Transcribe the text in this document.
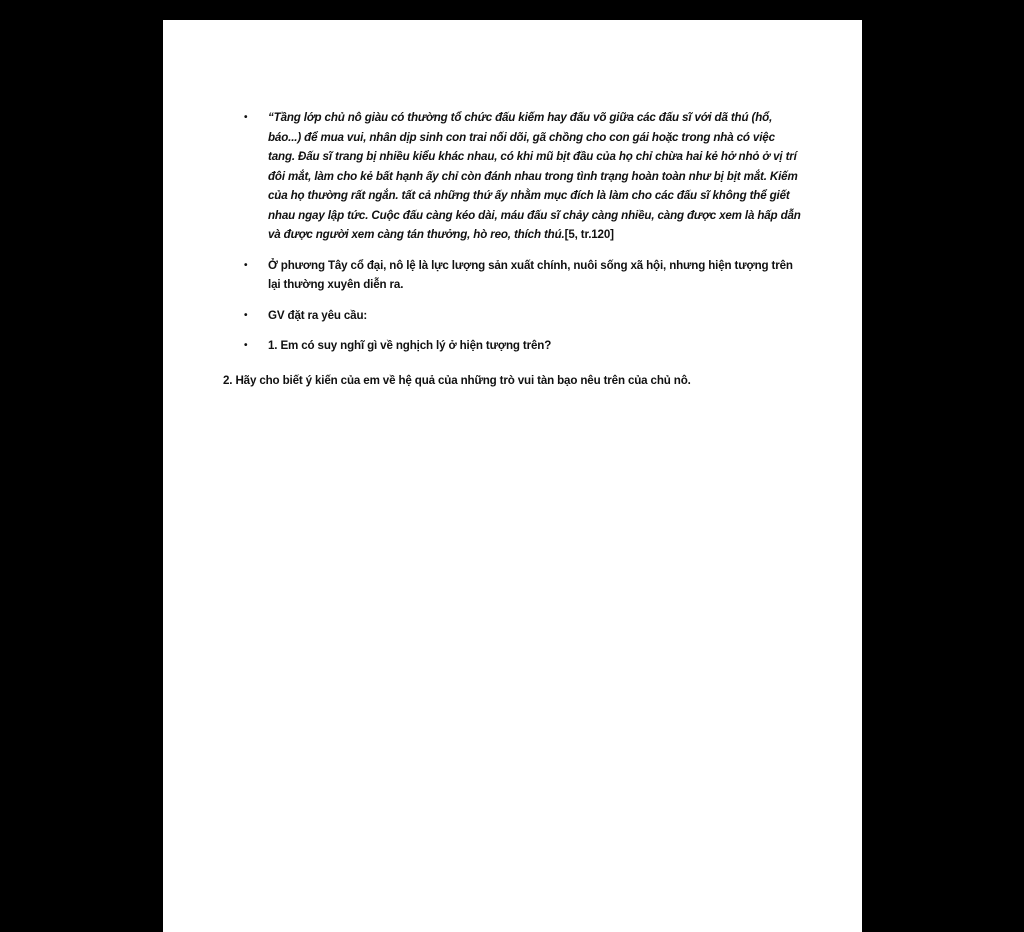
• “Tầng lớp chủ nô giàu có thường tổ chức đấu kiếm hay đấu võ giữa các đấu sĩ với dã thú (hổ, báo...) để mua vui, nhân dịp sinh con trai nối dõi, gã chồng cho con gái hoặc trong nhà có việc tang. Đấu sĩ trang bị nhiều kiểu khác nhau, có khi mũ bịt đầu của họ chỉ chừa hai kẻ hở nhỏ ở vị trí đôi mắt, làm cho kẻ bất hạnh ấy chỉ còn đánh nhau trong tình trạng hoàn toàn như bị bịt mắt. Kiếm của họ thường rất ngắn. tất cả những thứ ấy nhằm mục đích là làm cho các đấu sĩ không thể giết nhau ngay lập tức. Cuộc đấu càng kéo dài, máu đấu sĩ chảy càng nhiều, càng được xem là hấp dẫn và được người xem càng tán thưởng, hò reo, thích thú.[5, tr.120]
• Ở phương Tây cổ đại, nô lệ là lực lượng sản xuất chính, nuôi sống xã hội, nhưng hiện tượng trên lại thường xuyên diễn ra.
• GV đặt ra yêu cầu:
• 1. Em có suy nghĩ gì về nghịch lý ở hiện tượng trên?

2. Hãy cho biết ý kiến của em về hệ quả của những trò vui tàn bạo nêu trên của chủ nô.
